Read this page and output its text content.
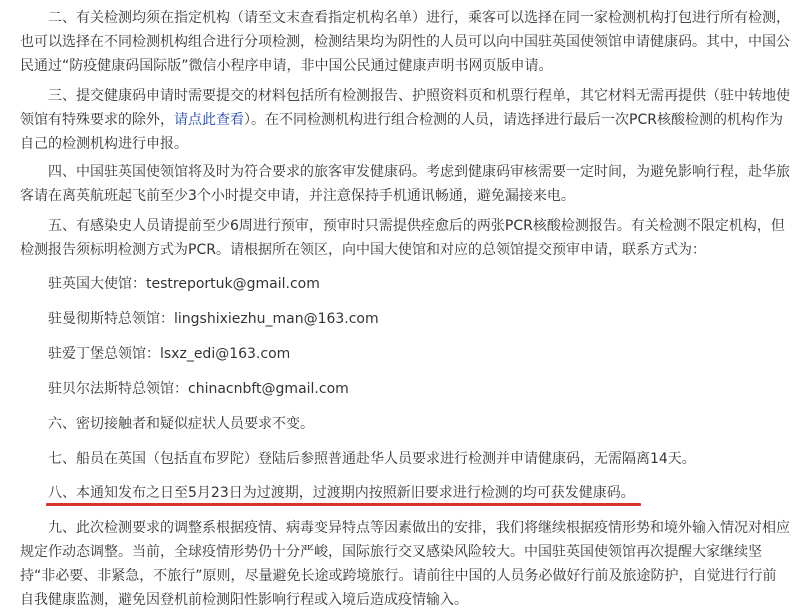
二、有关检测均须在指定机构（请至文末查看指定机构名单）进行，乘客可以选择在同一家检测机构打包进行所有检测，也可以选择在不同检测机构组合进行分项检测，检测结果均为阴性的人员可以向中国驻英国使领馆申请健康码。其中，中国公民通过“防疫健康码国际版”微信小程序申请，非中国公民通过健康声明书网页版申请。
三、提交健康码申请时需要提交的材料包括所有检测报告、护照资料页和机票行程单，其它材料无需再提供（驻中转地使领馆有特殊要求的除外，请点此查看）。在不同检测机构进行组合检测的人员，请选择进行最后一次PCR核酸检测的机构作为自己的检测机构进行申报。
四、中国驻英国使领馆将及时为符合要求的旅客审发健康码。考虑到健康码审核需要一定时间，为避免影响行程，赴华旅客请在离英航班起飞前至少3个小时提交申请，并注意保持手机通讯畅通，避免漏接来电。
五、有感染史人员请提前至少6周进行预审，预审时只需提供痊愈后的两张PCR核酸检测报告。有关检测不限定机构，但检测报告须标明检测方式为PCR。请根据所在领区，向中国大使馆和对应的总领馆提交预审申请，联系方式为：
驻英国大使馆：testreportuk@gmail.com
驻曼彻斯特总领馆：lingshixiezhu_man@163.com
驻爱丁堡总领馆：lsxz_edi@163.com
驻贝尔法斯特总领馆：chinacnbft@gmail.com
六、密切接触者和疑似症状人员要求不变。
七、船员在英国（包括直布罗陀）登陆后参照普通赴华人员要求进行检测并申请健康码，无需隔离14天。
八、本通知发布之日至5月23日为过渡期，过渡期内按照新旧要求进行检测的均可获发健康码。
九、此次检测要求的调整系根据疫情、病毒变异特点等因素做出的安排，我们将继续根据疫情形势和境外输入情况对相应规定作动态调整。当前，全球疫情形势仍十分严峻，国际旅行交叉感染风险较大。中国驻英国使领馆再次提醒大家继续坚持“非必要、非紧急，不旅行”原则，尽量避免长途或跨境旅行。请前往中国的人员务必做好行前及旅途防护，自觉进行行前自我健康监测，避免因登机前检测阳性影响行程或入境后造成疫情输入。
